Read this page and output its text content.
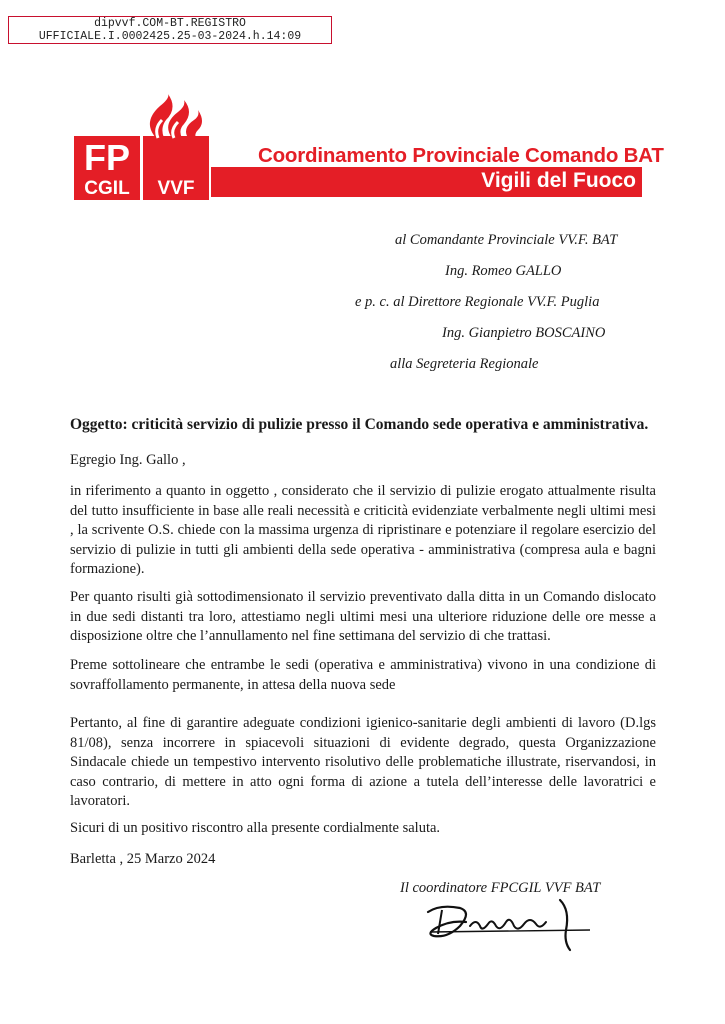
dipvvf.COM-BT.REGISTRO
UFFICIALE.I.0002425.25-03-2024.h.14:09
FP
CGIL VVF
Coordinamento Provinciale Comando BAT
Vigili del Fuoco
al Comandante Provinciale VV.F. BAT
Ing. Romeo GALLO
e p. c. al Direttore Regionale VV.F. Puglia
Ing. Gianpietro BOSCAINO
alla Segreteria Regionale
Oggetto: criticità servizio di pulizie presso il Comando sede operativa e amministrativa.
Egregio Ing. Gallo ,

in riferimento a quanto in oggetto , considerato che il servizio di pulizie erogato attualmente risulta del tutto insufficiente in base alle reali necessità e criticità evidenziate verbalmente negli ultimi mesi , la scrivente O.S. chiede con la massima urgenza di ripristinare e potenziare il regolare esercizio del servizio di pulizie in tutti gli ambienti della sede operativa - amministrativa (compresa aula e bagni formazione).

Per quanto risulti già sottodimensionato il servizio preventivato dalla ditta in un Comando dislocato in due sedi distanti tra loro, attestiamo negli ultimi mesi una ulteriore riduzione delle ore messe a disposizione oltre che l’annullamento nel fine settimana del servizio di che trattasi.

Preme sottolineare che entrambe le sedi (operativa e amministrativa) vivono in una condizione di sovraffollamento permanente, in attesa della nuova sede

Pertanto, al fine di garantire adeguate condizioni igienico-sanitarie degli ambienti di lavoro (D.lgs 81/08), senza incorrere in spiacevoli situazioni di evidente degrado, questa Organizzazione Sindacale chiede un tempestivo intervento risolutivo delle problematiche illustrate, riservandosi, in caso contrario, di mettere in atto ogni forma di azione a tutela dell’interesse delle lavoratrici e lavoratori.

Sicuri di un positivo riscontro alla presente cordialmente saluta.
Barletta , 25 Marzo 2024
Il coordinatore FPCGIL VVF BAT
